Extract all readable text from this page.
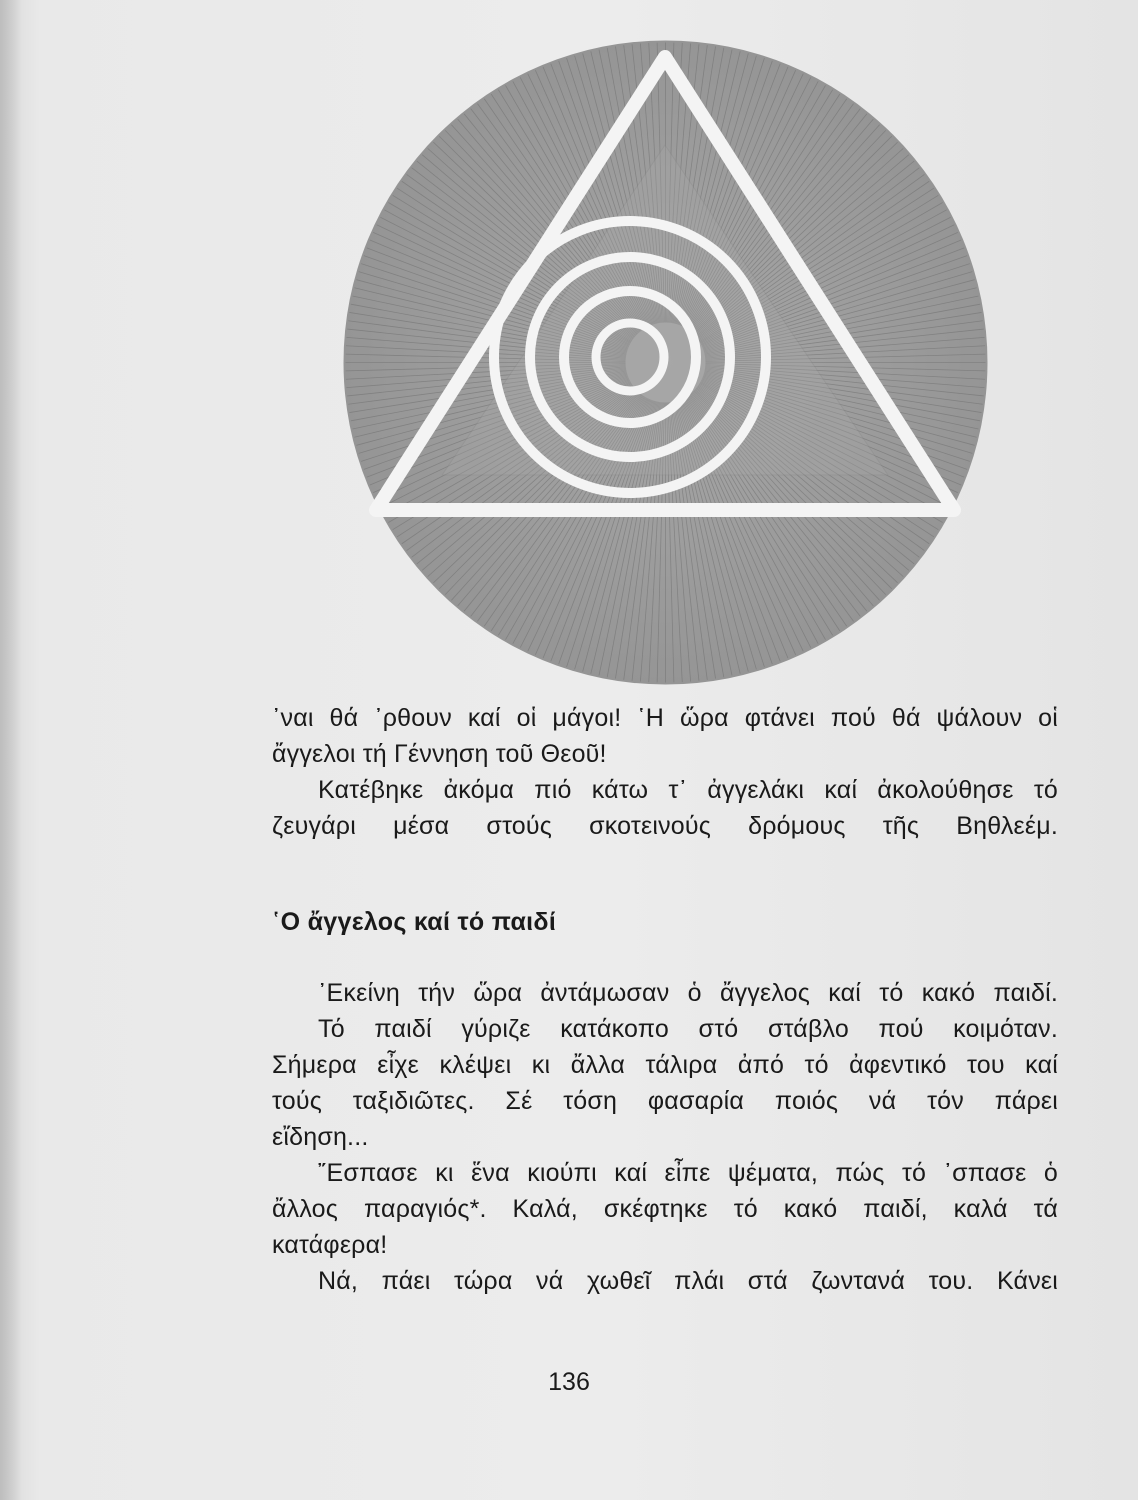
᾿ναι θά ᾿ρθουν καί οἱ μάγοι! ῾Η ὥρα φτάνει πού θά ψάλουν οἱ
ἄγγελοι τή Γέννηση τοῦ Θεοῦ!
Κατέβηκε ἀκόμα πιό κάτω τ᾿ ἀγγελάκι καί ἀκολούθησε τό
ζευγάρι μέσα στούς σκοτεινούς δρόμους τῆς Βηθλεέμ.
῾Ο ἄγγελος καί τό παιδί
᾿Εκείνη τήν ὥρα ἀντάμωσαν ὁ ἄγγελος καί τό κακό παιδί.
Τό παιδί γύριζε κατάκοπο στό στάβλο πού κοιμόταν.
Σήμερα εἶχε κλέψει κι ἄλλα τάλιρα ἀπό τό ἀφεντικό του καί
τούς ταξιδιῶτες. Σέ τόση φασαρία ποιός νά τόν πάρει
εἴδηση...
῎Εσπασε κι ἕνα κιούπι καί εἶπε ψέματα, πώς τό ᾿σπασε ὁ
ἄλλος παραγιός*. Καλά, σκέφτηκε τό κακό παιδί, καλά τά
κατάφερα!
Νά, πάει τώρα νά χωθεῖ πλάι στά ζωντανά του. Κάνει
136
